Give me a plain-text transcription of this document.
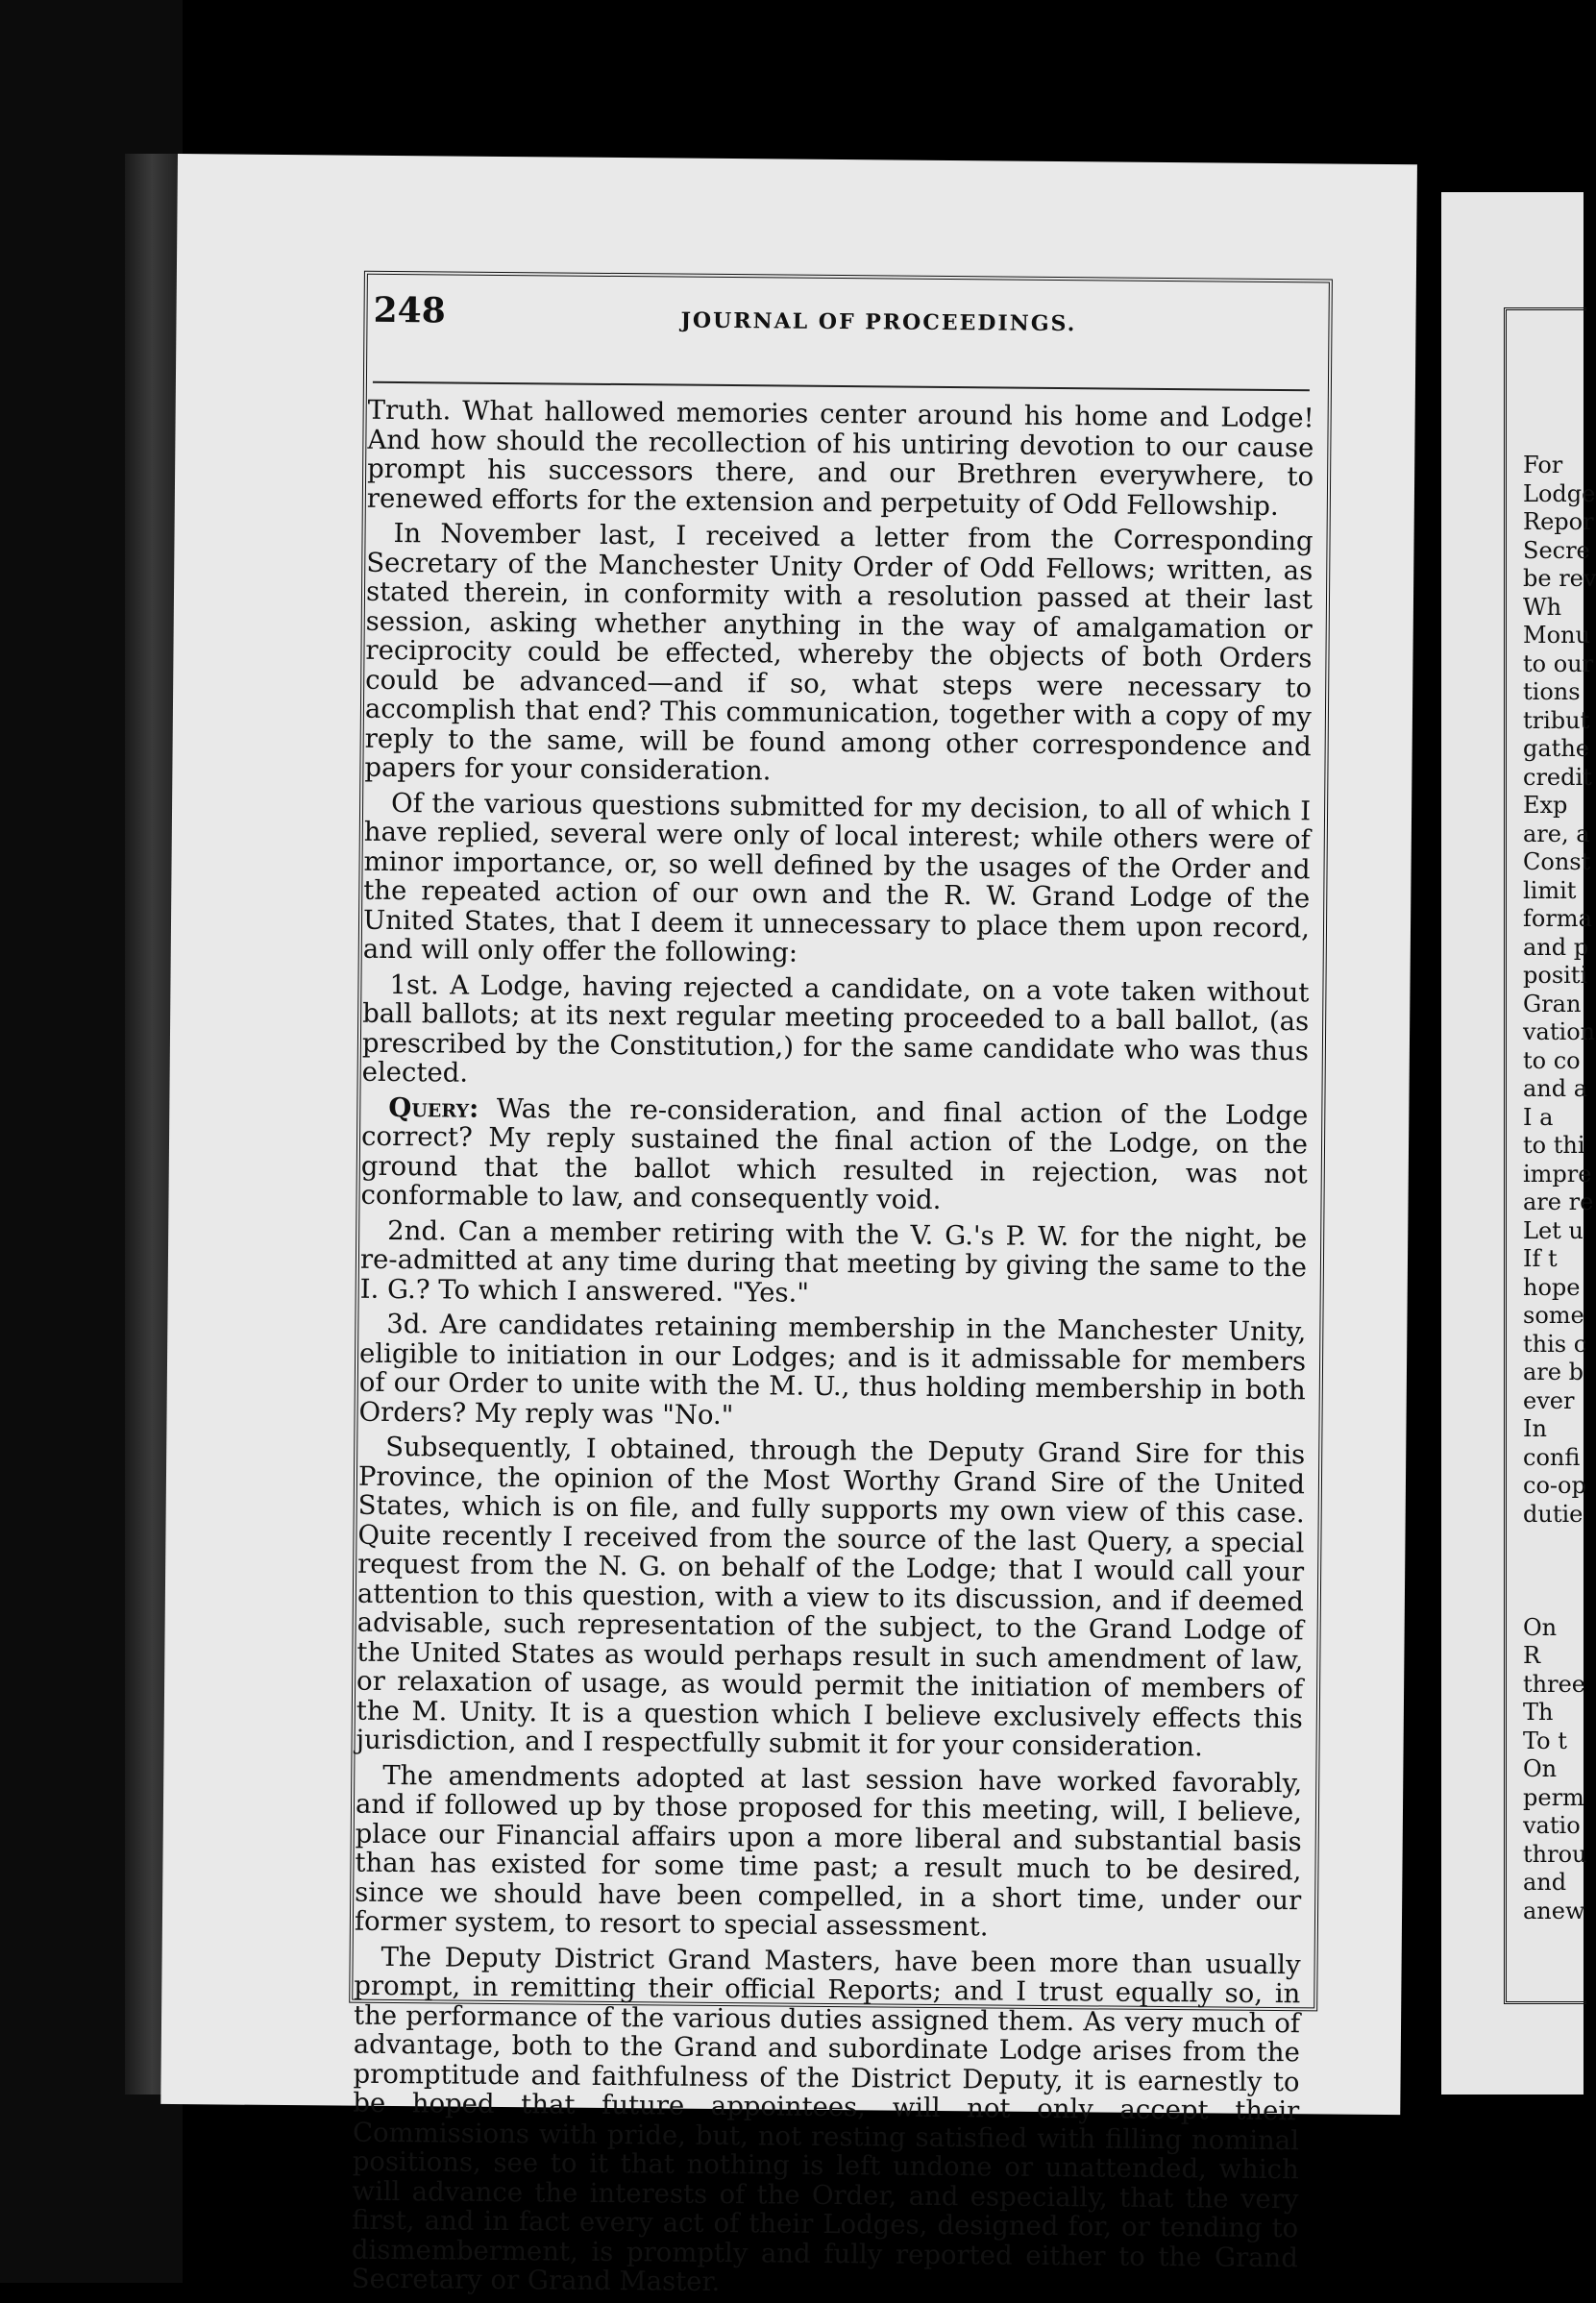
248	JOURNAL OF PROCEEDINGS.

Truth. What hallowed memories center around his home and Lodge! And how should the recollection of his untiring devotion to our cause prompt his successors there, and our Brethren everywhere, to renewed efforts for the extension and perpetuity of Odd Fellowship.

In November last, I received a letter from the Corresponding Secretary of the Manchester Unity Order of Odd Fellows; written, as stated therein, in conformity with a resolution passed at their last session, asking whether anything in the way of amalgamation or reciprocity could be effected, whereby the objects of both Orders could be advanced—and if so, what steps were necessary to accomplish that end? This communication, together with a copy of my reply to the same, will be found among other correspondence and papers for your consideration.

Of the various questions submitted for my decision, to all of which I have replied, several were only of local interest; while others were of minor importance, or, so well defined by the usages of the Order and the repeated action of our own and the R. W. Grand Lodge of the United States, that I deem it unnecessary to place them upon record, and will only offer the following:

1st. A Lodge, having rejected a candidate, on a vote taken without ball ballots; at its next regular meeting proceeded to a ball ballot, (as prescribed by the Constitution,) for the same candidate who was thus elected.

Query: Was the re-consideration, and final action of the Lodge correct? My reply sustained the final action of the Lodge, on the ground that the ballot which resulted in rejection, was not conformable to law, and consequently void.

2nd. Can a member retiring with the V. G.'s P. W. for the night, be re-admitted at any time during that meeting by giving the same to the I. G.? To which I answered. "Yes."

3d. Are candidates retaining membership in the Manchester Unity, eligible to initiation in our Lodges; and is it admissable for members of our Order to unite with the M. U., thus holding membership in both Orders? My reply was "No."

Subsequently, I obtained, through the Deputy Grand Sire for this Province, the opinion of the Most Worthy Grand Sire of the United States, which is on file, and fully supports my own view of this case. Quite recently I received from the source of the last Query, a special request from the N. G. on behalf of the Lodge; that I would call your attention to this question, with a view to its discussion, and if deemed advisable, such representation of the subject, to the Grand Lodge of the United States as would perhaps result in such amendment of law, or relaxation of usage, as would permit the initiation of members of the M. Unity. It is a question which I believe exclusively effects this jurisdiction, and I respectfully submit it for your consideration.

The amendments adopted at last session have worked favorably, and if followed up by those proposed for this meeting, will, I believe, place our Financial affairs upon a more liberal and substantial basis than has existed for some time past; a result much to be desired, since we should have been compelled, in a short time, under our former system, to resort to special assessment.

The Deputy District Grand Masters, have been more than usually prompt, in remitting their official Reports; and I trust equally so, in the performance of the various duties assigned them. As very much of advantage, both to the Grand and subordinate Lodge arises from the promptitude and faithfulness of the District Deputy, it is earnestly to be hoped that future appointees, will not only accept their Commissions with pride, but, not resting satisfied with filling nominal positions, see to it that nothing is left undone or unattended, which will advance the interests of the Order, and especially, that the very first, and in fact every act of their Lodges, designed for, or tending to dismemberment, is promptly and fully reported either to the Grand Secretary or Grand Master.

For
Lodge
Repor
Secre
be rev
Wh
Monu
to our
tions
tribut
gathe
credit
Exp
are, a
Const
limit
forma
and p
positi
Gran
vation
to co
and a
I a
to thi
impre
are re
Let u
If t
hope
some
this c
are b
ever
In
confi
co-op
dutie

On
R
three
Th
To t
On
perm
vatio
throu
and
anew
